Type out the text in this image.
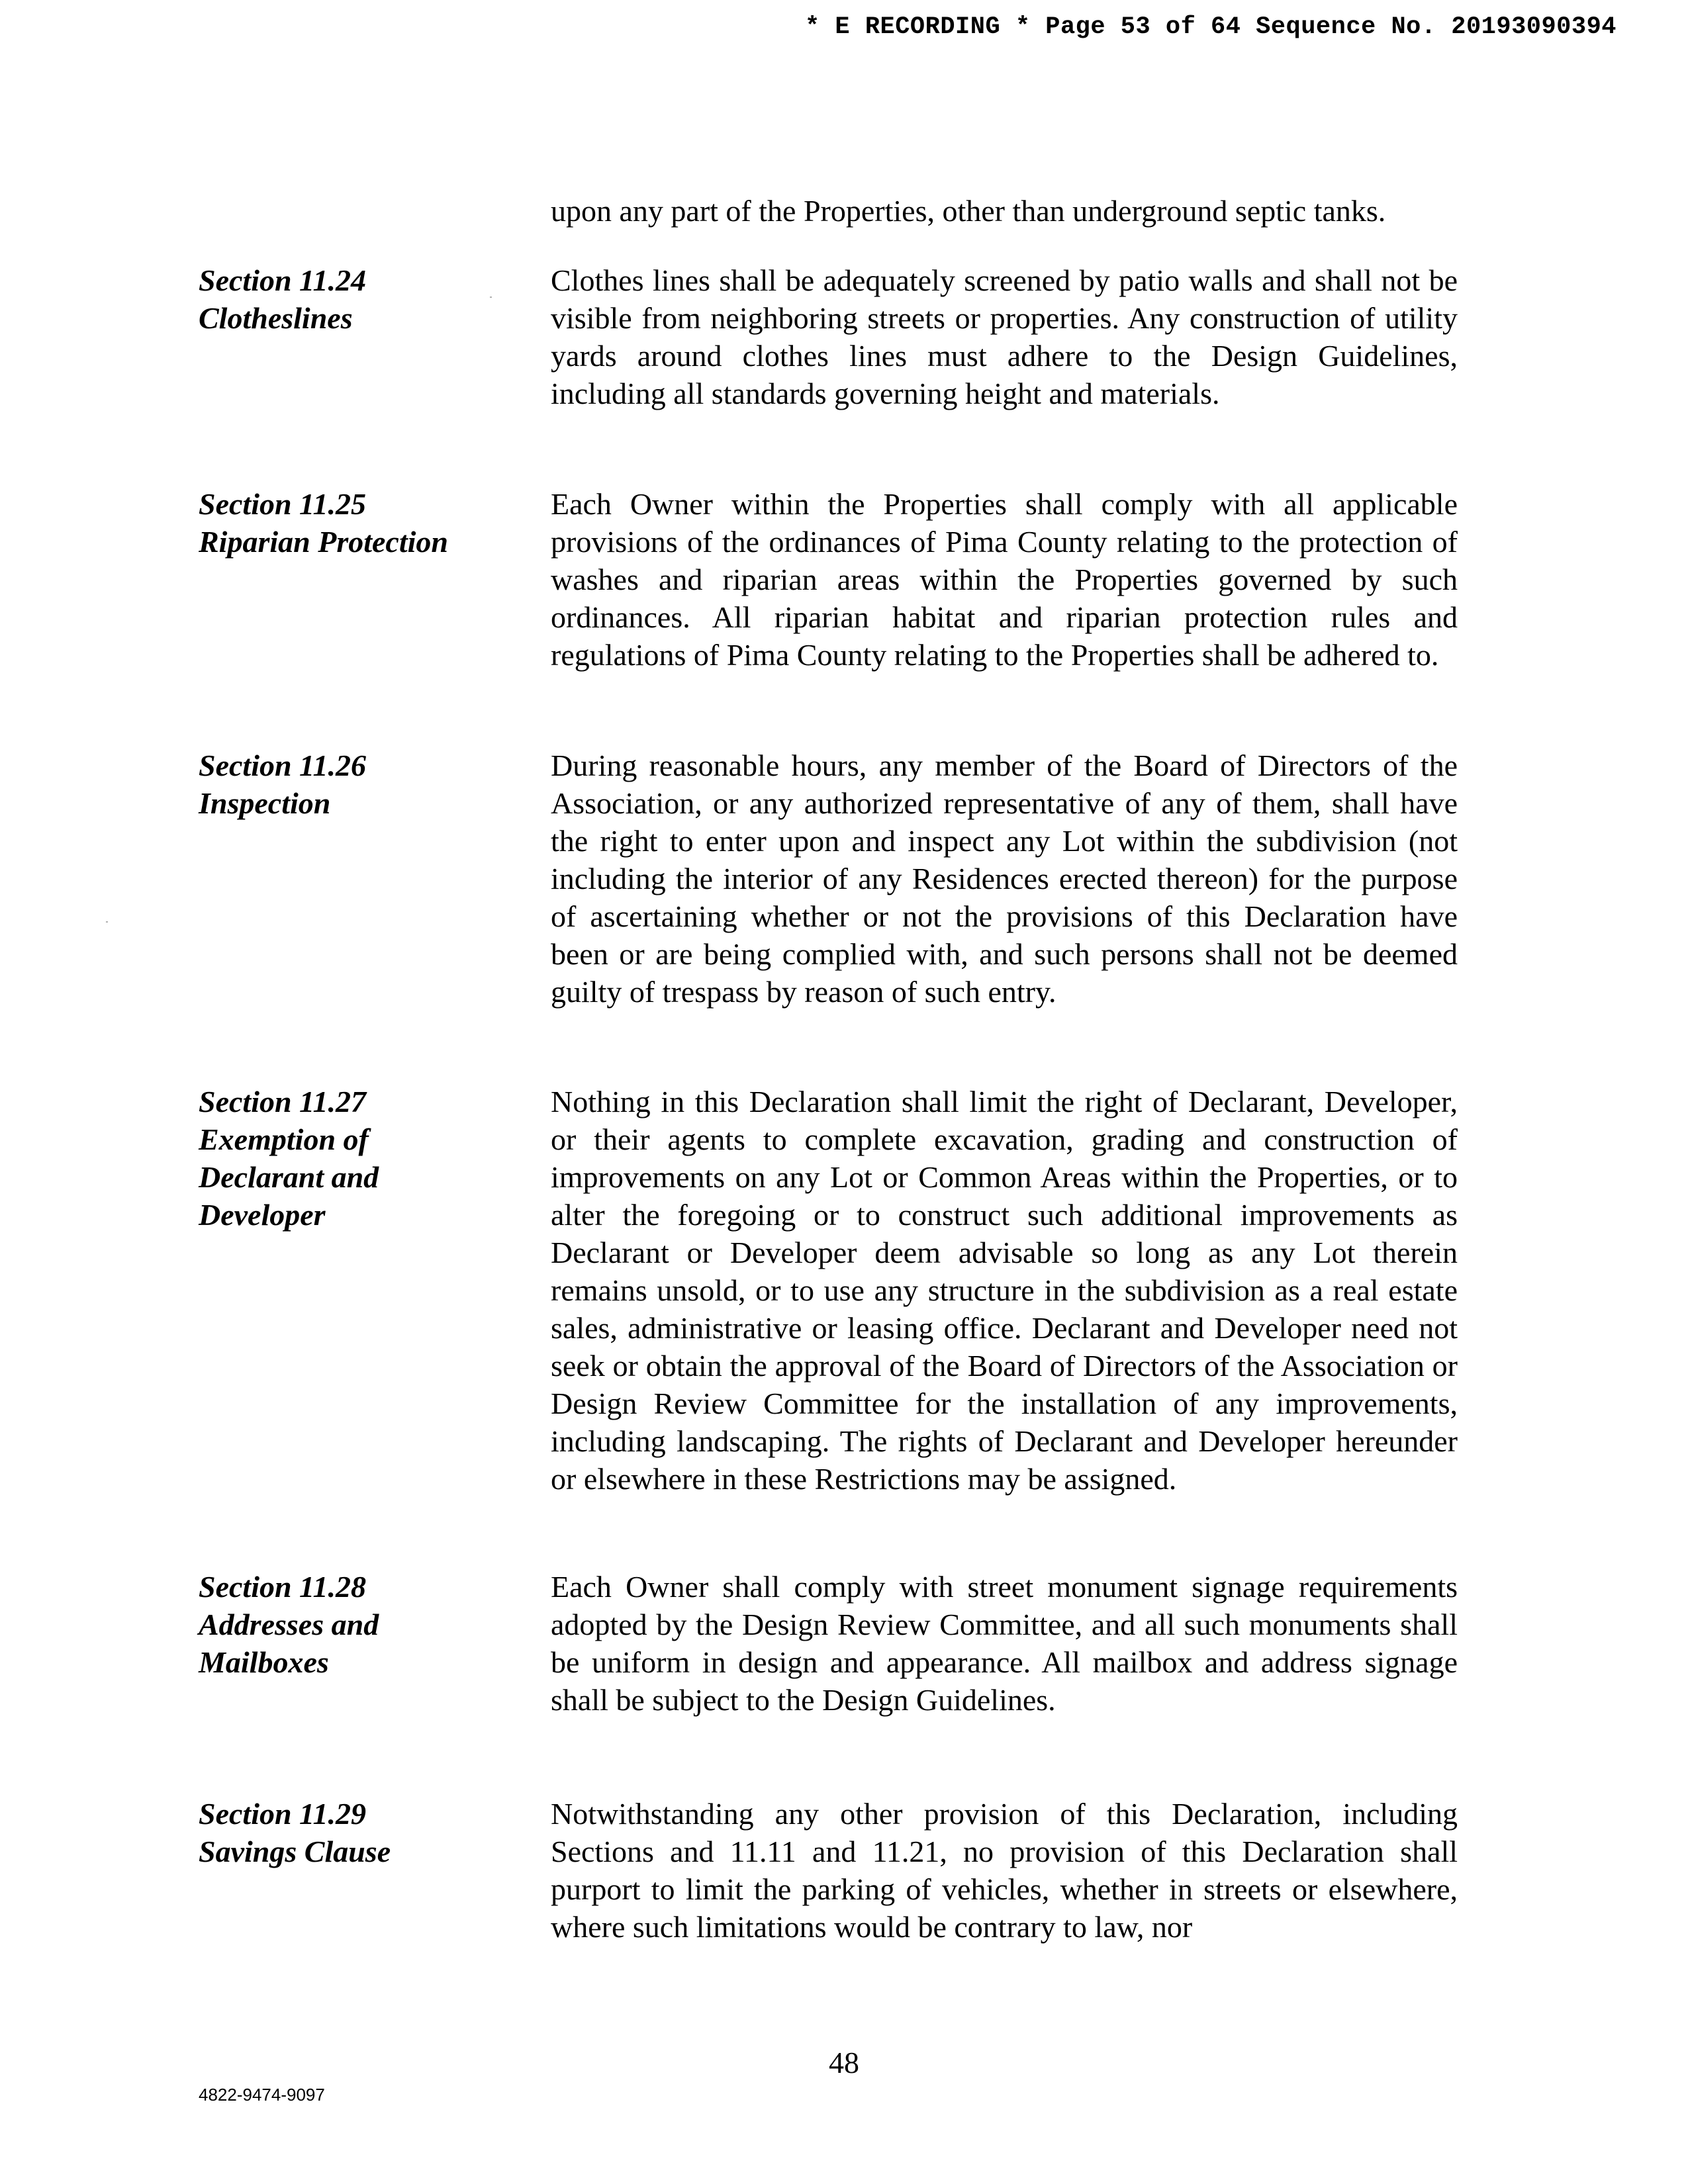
* E RECORDING * Page 53 of 64 Sequence No. 20193090394
upon any part of the Properties, other than underground septic tanks.
Section 11.24
Clotheslines
Clothes lines shall be adequately screened by patio walls and shall not be visible from neighboring streets or properties. Any construction of utility yards around clothes lines must adhere to the Design Guidelines, including all standards governing height and materials.
Section 11.25
Riparian Protection
Each Owner within the Properties shall comply with all applicable provisions of the ordinances of Pima County relating to the protection of washes and riparian areas within the Properties governed by such ordinances. All riparian habitat and riparian protection rules and regulations of Pima County relating to the Properties shall be adhered to.
Section 11.26
Inspection
During reasonable hours, any member of the Board of Directors of the Association, or any authorized representative of any of them, shall have the right to enter upon and inspect any Lot within the subdivision (not including the interior of any Residences erected thereon) for the purpose of ascertaining whether or not the provisions of this Declaration have been or are being complied with, and such persons shall not be deemed guilty of trespass by reason of such entry.
Section 11.27
Exemption of
Declarant and
Developer
Nothing in this Declaration shall limit the right of Declarant, Developer, or their agents to complete excavation, grading and construction of improvements on any Lot or Common Areas within the Properties, or to alter the foregoing or to construct such additional improvements as Declarant or Developer deem advisable so long as any Lot therein remains unsold, or to use any structure in the subdivision as a real estate sales, administrative or leasing office. Declarant and Developer need not seek or obtain the approval of the Board of Directors of the Association or Design Review Committee for the installation of any improvements, including landscaping. The rights of Declarant and Developer hereunder or elsewhere in these Restrictions may be assigned.
Section 11.28
Addresses and
Mailboxes
Each Owner shall comply with street monument signage requirements adopted by the Design Review Committee, and all such monuments shall be uniform in design and appearance. All mailbox and address signage shall be subject to the Design Guidelines.
Section 11.29
Savings Clause
Notwithstanding any other provision of this Declaration, including Sections and 11.11 and 11.21, no provision of this Declaration shall purport to limit the parking of vehicles, whether in streets or elsewhere, where such limitations would be contrary to law, nor
48
4822-9474-9097
